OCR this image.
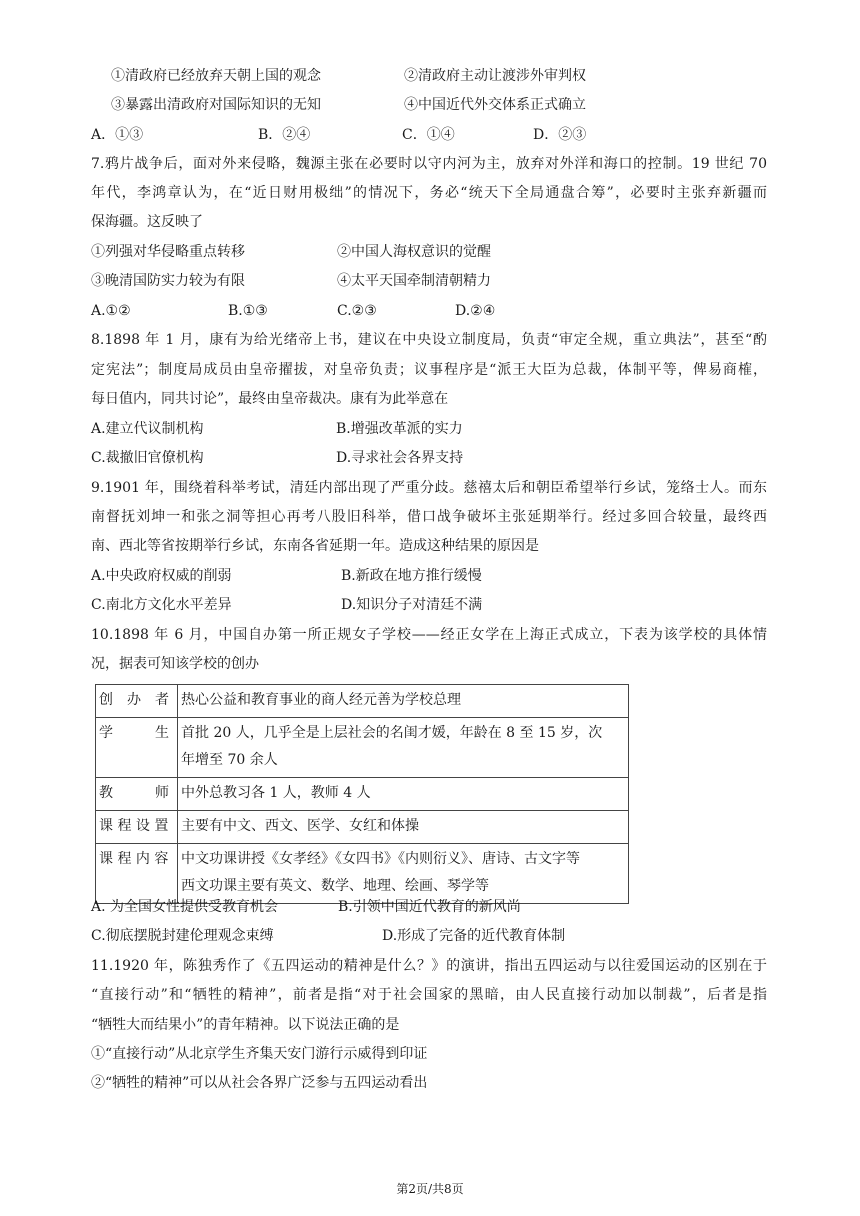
①清政府已经放弃天朝上国的观念	②清政府主动让渡涉外审判权
③暴露出清政府对国际知识的无知	④中国近代外交体系正式确立
A．①③	B．②④	C．①④	D．②③
7.鸦片战争后，面对外来侵略，魏源主张在必要时以守内河为主，放弃对外洋和海口的控制。19 世纪 70
年代，李鸿章认为，在“近日财用极绌”的情况下，务必“统天下全局通盘合筹”，必要时主张弃新疆而
保海疆。这反映了
①列强对华侵略重点转移	②中国人海权意识的觉醒
③晚清国防实力较为有限	④太平天国牵制清朝精力
A.①②	B.①③	C.②③	D.②④
8.1898 年 1 月，康有为给光绪帝上书，建议在中央设立制度局，负责“审定全规，重立典法”，甚至“酌
定宪法”；制度局成员由皇帝擢拔，对皇帝负责；议事程序是“派王大臣为总裁，体制平等，俾易商榷，
每日值内，同共讨论”，最终由皇帝裁决。康有为此举意在
A.建立代议制机构	B.增强改革派的实力
C.裁撤旧官僚机构	D.寻求社会各界支持
9.1901 年，围绕着科举考试，清廷内部出现了严重分歧。慈禧太后和朝臣希望举行乡试，笼络士人。而东
南督抚刘坤一和张之洞等担心再考八股旧科举，借口战争破坏主张延期举行。经过多回合较量，最终西
南、西北等省按期举行乡试，东南各省延期一年。造成这种结果的原因是
A.中央政府权威的削弱	B.新政在地方推行缓慢
C.南北方文化水平差异	D.知识分子对清廷不满
10.1898 年 6 月，中国自办第一所正规女子学校——经正女学在上海正式成立，下表为该学校的具体情
况，据表可知该学校的创办
创　办　者	热心公益和教育事业的商人经元善为学校总理

学　　　生	首批 20 人，几乎全是上层社会的名闺才媛，年龄在 8 至 15 岁，次
年增至 70 余人

教　　　师	中外总教习各 1 人，教师 4 人

课 程 设 置	主要有中文、西文、医学、女红和体操

课 程 内 容	中文功课讲授《女孝经》《女四书》《内则衍义》、唐诗、古文字等
西文功课主要有英文、数学、地理、绘画、琴学等
A. 为全国女性提供受教育机会	B.引领中国近代教育的新风尚
C.彻底摆脱封建伦理观念束缚	D.形成了完备的近代教育体制
11.1920 年，陈独秀作了《五四运动的精神是什么？》的演讲，指出五四运动与以往爱国运动的区别在于
“直接行动”和“牺牲的精神”，前者是指“对于社会国家的黑暗，由人民直接行动加以制裁”，后者是指
“牺牲大而结果小”的青年精神。以下说法正确的是
①“直接行动”从北京学生齐集天安门游行示威得到印证
②“牺牲的精神”可以从社会各界广泛参与五四运动看出
第2页/共8页
